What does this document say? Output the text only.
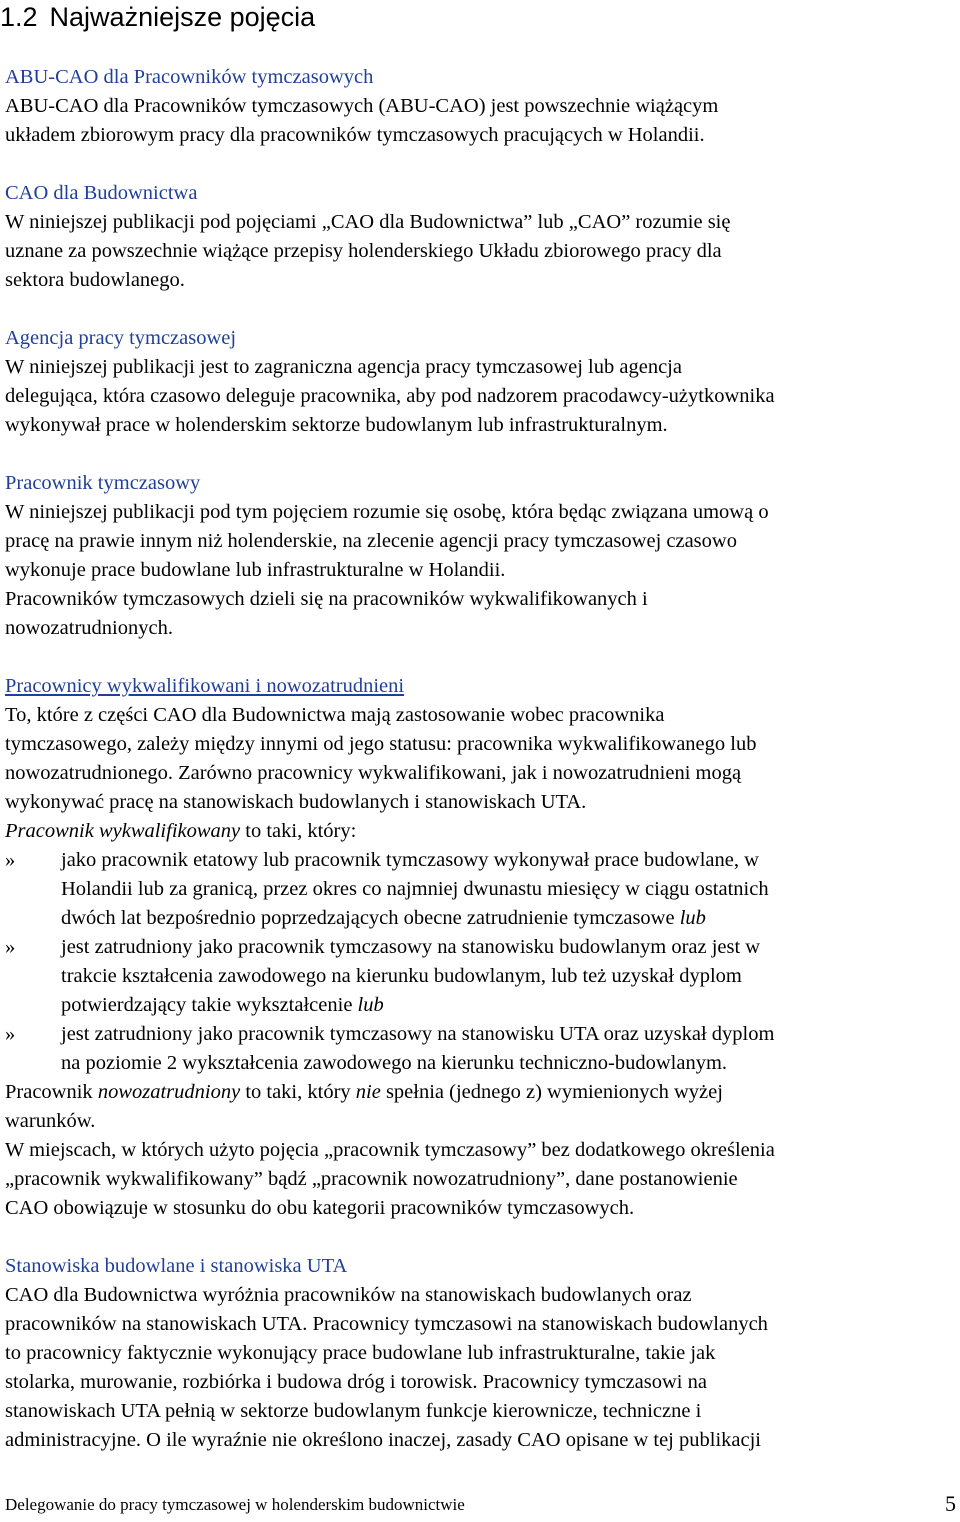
1.2 Najważniejsze pojęcia
ABU-CAO dla Pracowników tymczasowych
ABU-CAO dla Pracowników tymczasowych (ABU-CAO) jest powszechnie wiążącym
układem zbiorowym pracy dla pracowników tymczasowych pracujących w Holandii.
CAO dla Budownictwa
W niniejszej publikacji pod pojęciami „CAO dla Budownictwa” lub „CAO” rozumie się
uznane za powszechnie wiążące przepisy holenderskiego Układu zbiorowego pracy dla
sektora budowlanego.
Agencja pracy tymczasowej
W niniejszej publikacji jest to zagraniczna agencja pracy tymczasowej lub agencja
delegująca, która czasowo deleguje pracownika, aby pod nadzorem pracodawcy-użytkownika
wykonywał prace w holenderskim sektorze budowlanym lub infrastrukturalnym.
Pracownik tymczasowy
W niniejszej publikacji pod tym pojęciem rozumie się osobę, która będąc związana umową o
pracę na prawie innym niż holenderskie, na zlecenie agencji pracy tymczasowej czasowo
wykonuje prace budowlane lub infrastrukturalne w Holandii.
Pracowników tymczasowych dzieli się na pracowników wykwalifikowanych i
nowozatrudnionych.
Pracownicy wykwalifikowani i nowozatrudnieni
To, które z części CAO dla Budownictwa mają zastosowanie wobec pracownika
tymczasowego, zależy między innymi od jego statusu: pracownika wykwalifikowanego lub
nowozatrudnionego. Zarówno pracownicy wykwalifikowani, jak i nowozatrudnieni mogą
wykonywać pracę na stanowiskach budowlanych i stanowiskach UTA.
Pracownik wykwalifikowany to taki, który:
» jako pracownik etatowy lub pracownik tymczasowy wykonywał prace budowlane, w
Holandii lub za granicą, przez okres co najmniej dwunastu miesięcy w ciągu ostatnich
dwóch lat bezpośrednio poprzedzających obecne zatrudnienie tymczasowe lub
» jest zatrudniony jako pracownik tymczasowy na stanowisku budowlanym oraz jest w
trakcie kształcenia zawodowego na kierunku budowlanym, lub też uzyskał dyplom
potwierdzający takie wykształcenie lub
» jest zatrudniony jako pracownik tymczasowy na stanowisku UTA oraz uzyskał dyplom
na poziomie 2 wykształcenia zawodowego na kierunku techniczno-budowlanym.
Pracownik nowozatrudniony to taki, który nie spełnia (jednego z) wymienionych wyżej
warunków.
W miejscach, w których użyto pojęcia „pracownik tymczasowy” bez dodatkowego określenia
„pracownik wykwalifikowany” bądź „pracownik nowozatrudniony”, dane postanowienie
CAO obowiązuje w stosunku do obu kategorii pracowników tymczasowych.
Stanowiska budowlane i stanowiska UTA
CAO dla Budownictwa wyróżnia pracowników na stanowiskach budowlanych oraz
pracowników na stanowiskach UTA. Pracownicy tymczasowi na stanowiskach budowlanych
to pracownicy faktycznie wykonujący prace budowlane lub infrastrukturalne, takie jak
stolarka, murowanie, rozbiórka i budowa dróg i torowisk. Pracownicy tymczasowi na
stanowiskach UTA pełnią w sektorze budowlanym funkcje kierownicze, techniczne i
administracyjne. O ile wyraźnie nie określono inaczej, zasady CAO opisane w tej publikacji
Delegowanie do pracy tymczasowej w holenderskim budownictwie	5
